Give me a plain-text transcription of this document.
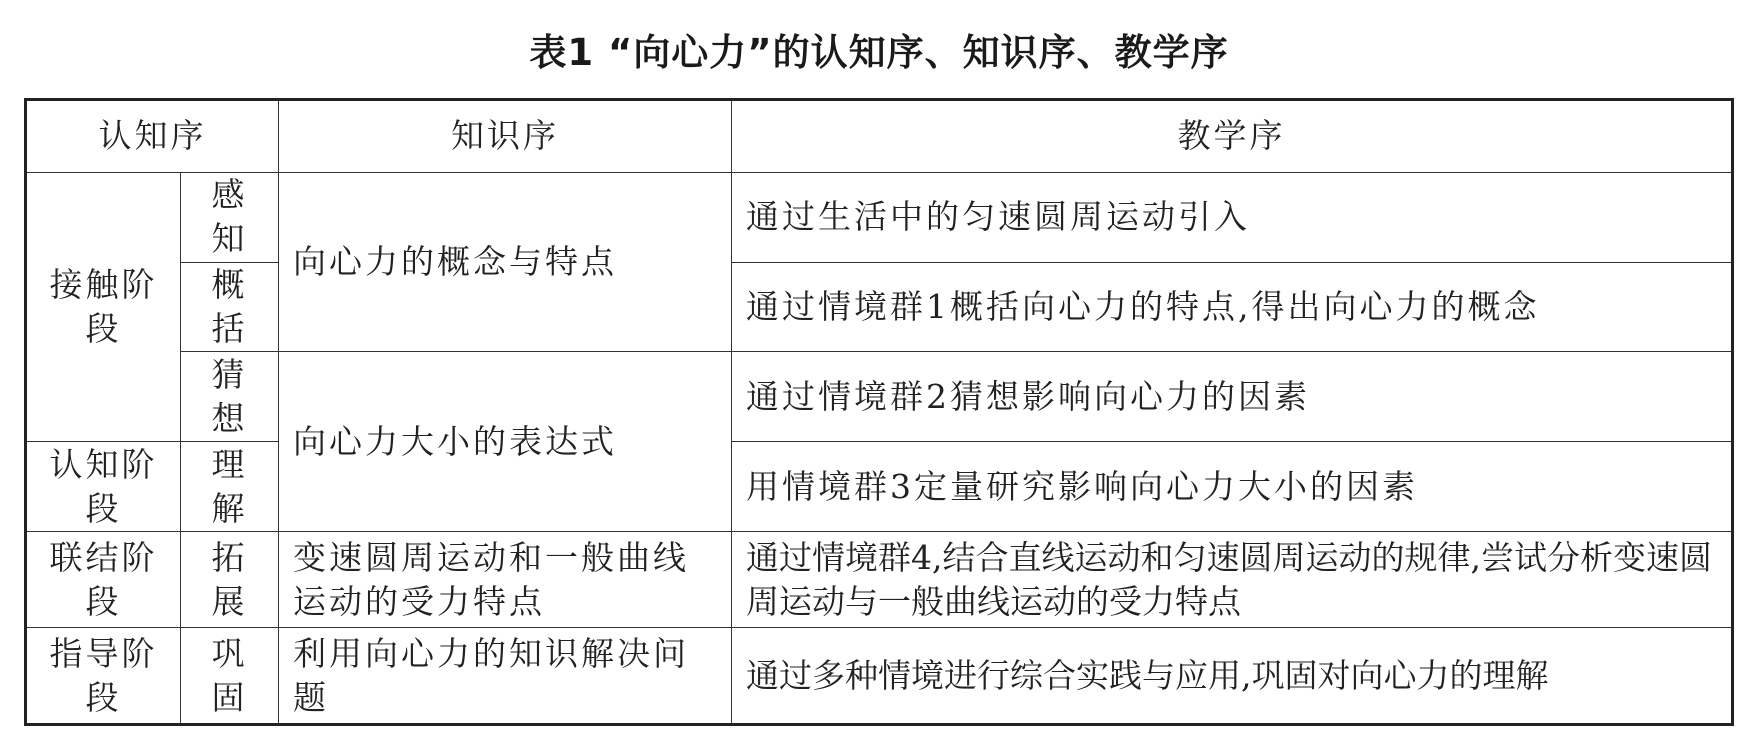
表1 “向心力”的认知序、知识序、教学序
认知序		知识序	教学序
接触阶段	感知	向心力的概念与特点	通过生活中的匀速圆周运动引入
	概括		通过情境群1概括向心力的特点,得出向心力的概念
	猜想	向心力大小的表达式	通过情境群2猜想影响向心力的因素
认知阶段	理解		用情境群3定量研究影响向心力大小的因素
联结阶段	拓展	变速圆周运动和一般曲线运动的受力特点	通过情境群4,结合直线运动和匀速圆周运动的规律,尝试分析变速圆周运动与一般曲线运动的受力特点
指导阶段	巩固	利用向心力的知识解决问题	通过多种情境进行综合实践与应用,巩固对向心力的理解
